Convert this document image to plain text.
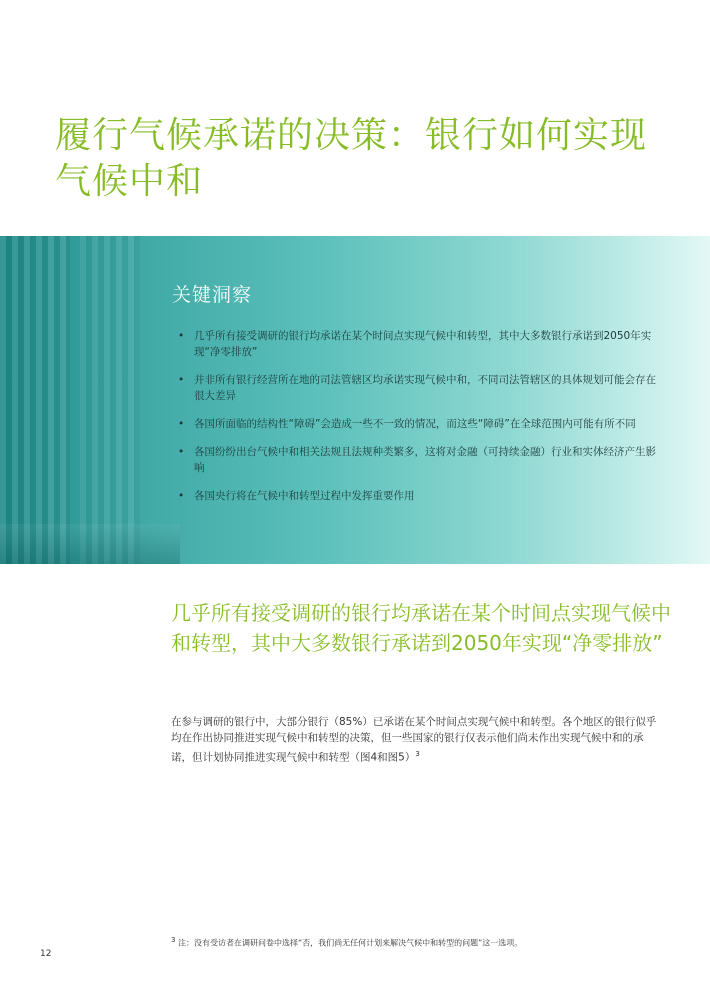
履行气候承诺的决策：银行如何实现气候中和
关键洞察
• 几乎所有接受调研的银行均承诺在某个时间点实现气候中和转型，其中大多数银行承诺到2050年实现“净零排放”
• 并非所有银行经营所在地的司法管辖区均承诺实现气候中和，不同司法管辖区的具体规划可能会存在很大差异
• 各国所面临的结构性“障碍”会造成一些不一致的情况，而这些“障碍”在全球范围内可能有所不同
• 各国纷纷出台气候中和相关法规且法规种类繁多，这将对金融（可持续金融）行业和实体经济产生影响
• 各国央行将在气候中和转型过程中发挥重要作用
几乎所有接受调研的银行均承诺在某个时间点实现气候中和转型，其中大多数银行承诺到2050年实现“净零排放”

在参与调研的银行中，大部分银行（85%）已承诺在某个时间点实现气候中和转型。各个地区的银行似乎均在作出协同推进实现气候中和转型的决策，但一些国家的银行仅表示他们尚未作出实现气候中和的承诺，但计划协同推进实现气候中和转型（图4和图5）$^3$

$^3$ 注：没有受访者在调研问卷中选择“否，我们尚无任何计划来解决气候中和转型的问题”这一选项。

12
